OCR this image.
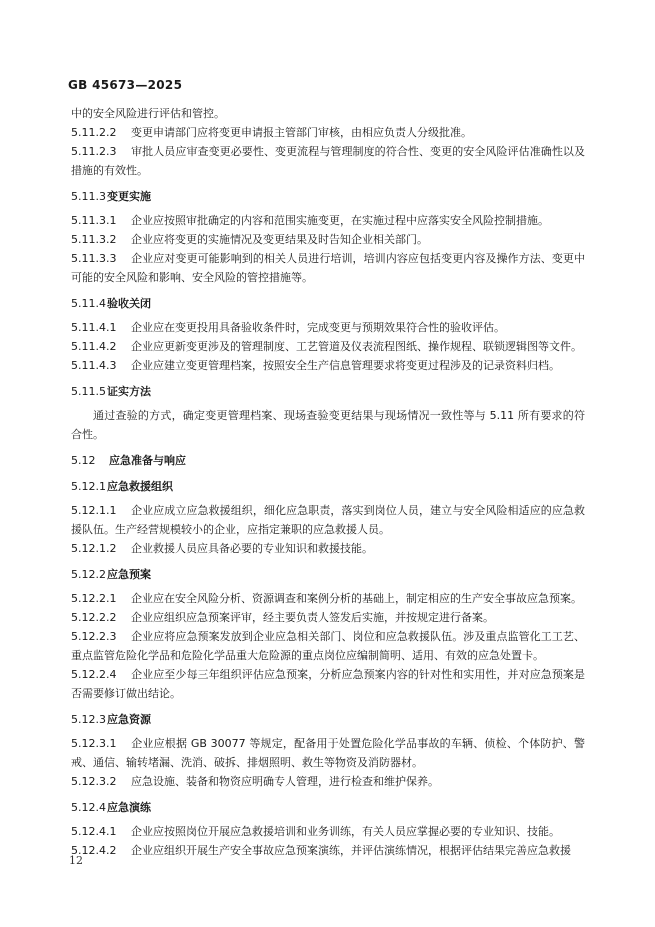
GB 45673—2025
中的安全风险进行评估和管控。
5.11.2.2 变更申请部门应将变更申请报主管部门审核，由相应负责人分级批准。
5.11.2.3 审批人员应审查变更必要性、变更流程与管理制度的符合性、变更的安全风险评估准确性以及措施的有效性。
5.11.3变更实施
5.11.3.1 企业应按照审批确定的内容和范围实施变更，在实施过程中应落实安全风险控制措施。
5.11.3.2 企业应将变更的实施情况及变更结果及时告知企业相关部门。
5.11.3.3 企业应对变更可能影响到的相关人员进行培训，培训内容应包括变更内容及操作方法、变更中可能的安全风险和影响、安全风险的管控措施等。
5.11.4验收关闭
5.11.4.1 企业应在变更投用具备验收条件时，完成变更与预期效果符合性的验收评估。
5.11.4.2 企业应更新变更涉及的管理制度、工艺管道及仪表流程图纸、操作规程、联锁逻辑图等文件。
5.11.4.3 企业应建立变更管理档案，按照安全生产信息管理要求将变更过程涉及的记录资料归档。
5.11.5证实方法
通过查验的方式，确定变更管理档案、现场查验变更结果与现场情况一致性等与 5.11 所有要求的符合性。
5.12 应急准备与响应
5.12.1应急救援组织
5.12.1.1 企业应成立应急救援组织，细化应急职责，落实到岗位人员，建立与安全风险相适应的应急救援队伍。生产经营规模较小的企业，应指定兼职的应急救援人员。
5.12.1.2 企业救援人员应具备必要的专业知识和救援技能。
5.12.2应急预案
5.12.2.1 企业应在安全风险分析、资源调查和案例分析的基础上，制定相应的生产安全事故应急预案。
5.12.2.2 企业应组织应急预案评审，经主要负责人签发后实施，并按规定进行备案。
5.12.2.3 企业应将应急预案发放到企业应急相关部门、岗位和应急救援队伍。涉及重点监管化工工艺、重点监管危险化学品和危险化学品重大危险源的重点岗位应编制简明、适用、有效的应急处置卡。
5.12.2.4 企业应至少每三年组织评估应急预案，分析应急预案内容的针对性和实用性，并对应急预案是否需要修订做出结论。
5.12.3应急资源
5.12.3.1 企业应根据 GB 30077 等规定，配备用于处置危险化学品事故的车辆、侦检、个体防护、警戒、通信、输转堵漏、洗消、破拆、排烟照明、救生等物资及消防器材。
5.12.3.2 应急设施、装备和物资应明确专人管理，进行检查和维护保养。
5.12.4应急演练
5.12.4.1 企业应按照岗位开展应急救援培训和业务训练，有关人员应掌握必要的专业知识、技能。
5.12.4.2 企业应组织开展生产安全事故应急预案演练，并评估演练情况，根据评估结果完善应急救援
12
